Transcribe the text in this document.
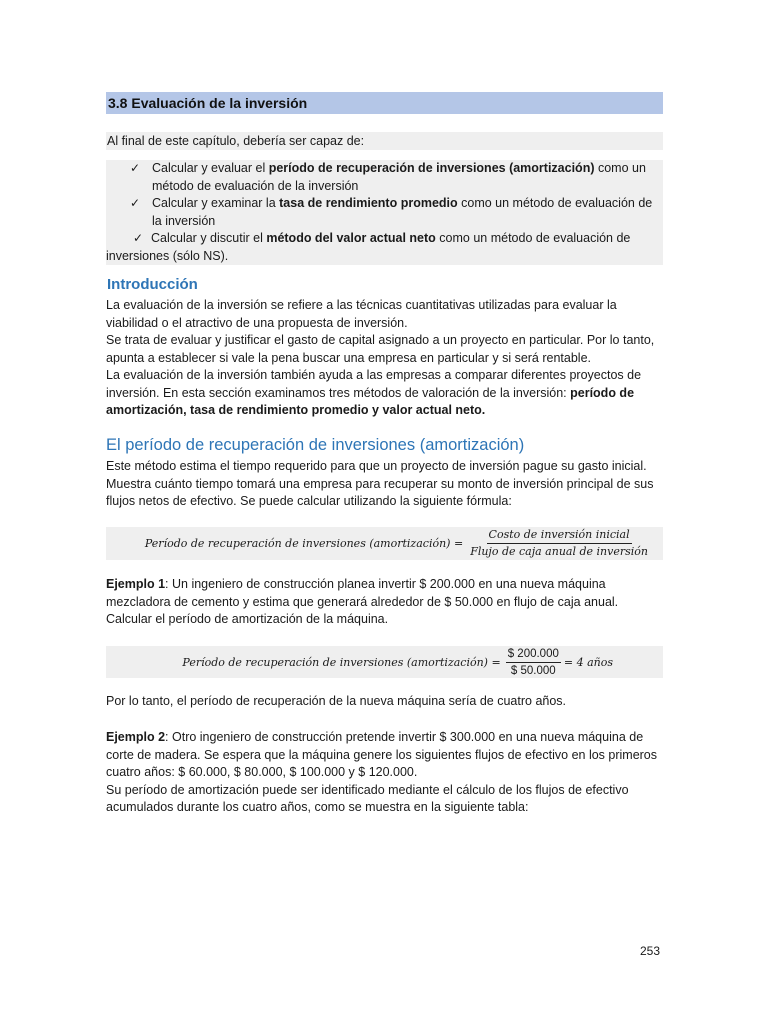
3.8 Evaluación de la inversión
Al final de este capítulo, debería ser capaz de:
✓ Calcular y evaluar el período de recuperación de inversiones (amortización) como un método de evaluación de la inversión
✓ Calcular y examinar la tasa de rendimiento promedio como un método de evaluación de la inversión
✓ Calcular y discutir el método del valor actual neto como un método de evaluación de
inversiones (sólo NS).
Introducción
La evaluación de la inversión se refiere a las técnicas cuantitativas utilizadas para evaluar la viabilidad o el atractivo de una propuesta de inversión.
Se trata de evaluar y justificar el gasto de capital asignado a un proyecto en particular. Por lo tanto, apunta a establecer si vale la pena buscar una empresa en particular y si será rentable.
La evaluación de la inversión también ayuda a las empresas a comparar diferentes proyectos de inversión. En esta sección examinamos tres métodos de valoración de la inversión: período de amortización, tasa de rendimiento promedio y valor actual neto.
El período de recuperación de inversiones (amortización)
Este método estima el tiempo requerido para que un proyecto de inversión pague su gasto inicial. Muestra cuánto tiempo tomará una empresa para recuperar su monto de inversión principal de sus flujos netos de efectivo. Se puede calcular utilizando la siguiente fórmula:
Período de recuperación de inversiones (amortización) = $\frac{\text{Costo de inversión inicial}}{\text{Flujo de caja anual de inversión}}$
Ejemplo 1: Un ingeniero de construcción planea invertir $ 200.000 en una nueva máquina mezcladora de cemento y estima que generará alrededor de $ 50.000 en flujo de caja anual. Calcular el período de amortización de la máquina.
Período de recuperación de inversiones (amortización) = $\frac{\$ 200.000}{\$ 50.000} = 4$ años
Por lo tanto, el período de recuperación de la nueva máquina sería de cuatro años.
Ejemplo 2: Otro ingeniero de construcción pretende invertir $ 300.000 en una nueva máquina de corte de madera. Se espera que la máquina genere los siguientes flujos de efectivo en los primeros cuatro años: $ 60.000, $ 80.000, $ 100.000 y $ 120.000.
Su período de amortización puede ser identificado mediante el cálculo de los flujos de efectivo acumulados durante los cuatro años, como se muestra en la siguiente tabla:
253
